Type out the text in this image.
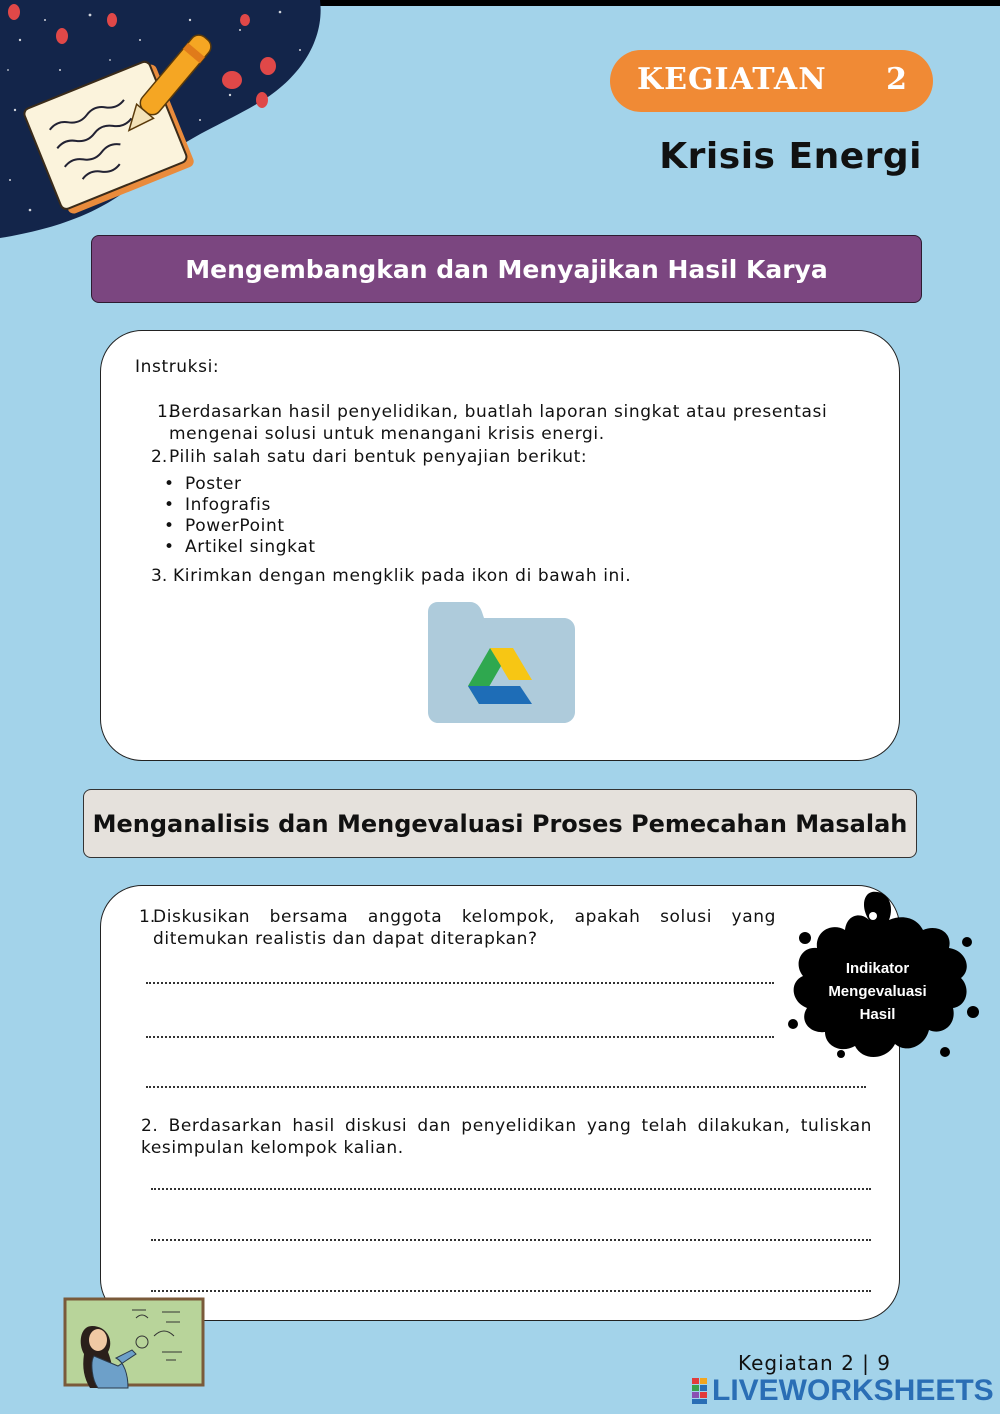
KEGIATAN 2
Krisis Energi
Mengembangkan dan Menyajikan Hasil Karya
Instruksi:
1.
Berdasarkan hasil penyelidikan, buatlah laporan singkat atau presentasi
mengenai solusi untuk menangani krisis energi.
2. Pilih salah satu dari bentuk penyajian berikut:
• Poster
• Infografis
• PowerPoint
• Artikel singkat
3. Kirimkan dengan mengklik pada ikon di bawah ini.
Menganalisis dan Mengevaluasi Proses Pemecahan Masalah
1.
Diskusikan bersama anggota kelompok, apakah solusi yang
ditemukan realistis dan dapat diterapkan?
2. Berdasarkan hasil diskusi dan penyelidikan yang telah dilakukan, tuliskan
kesimpulan kelompok kalian.
Indikator
Mengevaluasi
Hasil
Kegiatan 2 | 9
LIVEWORKSHEETS
